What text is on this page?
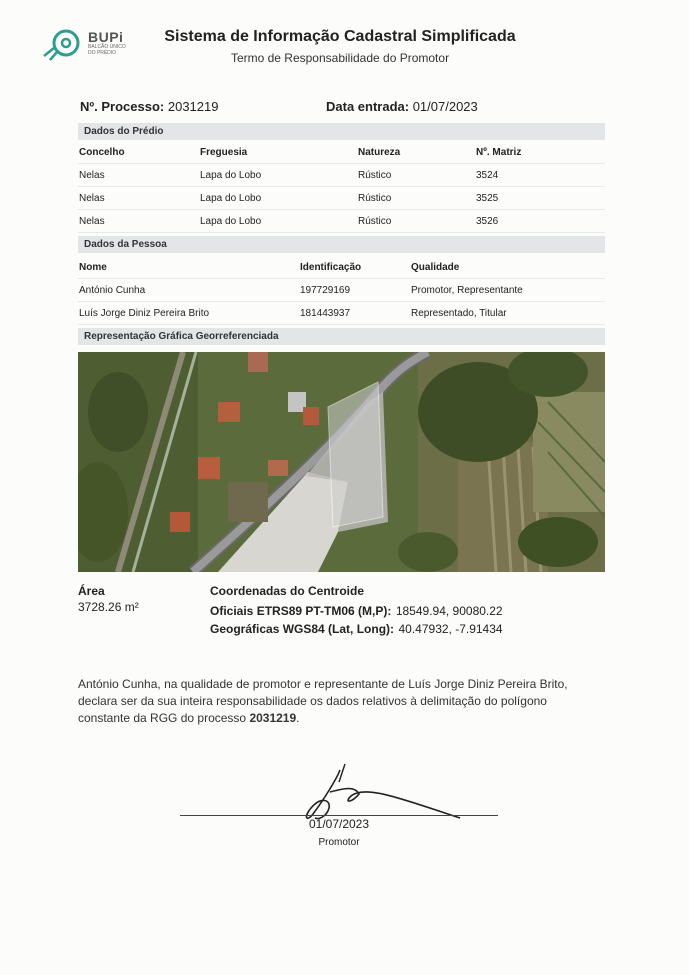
BUPi
BALCÃO ÚNICO
DO PRÉDIO
Sistema de Informação Cadastral Simplificada
Termo de Responsabilidade do Promotor
Nº. Processo: 2031219	Data entrada: 01/07/2023
Dados do Prédio
Concelho	Freguesia	Natureza	Nº. Matriz
Nelas	Lapa do Lobo	Rústico	3524
Nelas	Lapa do Lobo	Rústico	3525
Nelas	Lapa do Lobo	Rústico	3526
Dados da Pessoa
Nome	Identificação	Qualidade
António Cunha	197729169	Promotor, Representante
Luís Jorge Diniz Pereira Brito	181443937	Representado, Titular
Representação Gráfica Georreferenciada
Área
3728.26 m²
Coordenadas do Centroide
Oficiais ETRS89 PT-TM06 (M,P): 18549.94, 90080.22
Geográficas WGS84 (Lat, Long): 40.47932, -7.91434
António Cunha, na qualidade de promotor e representante de Luís Jorge Diniz Pereira Brito, declara ser da sua inteira responsabilidade os dados relativos à delimitação do polígono constante da RGG do processo 2031219.
01/07/2023
Promotor
